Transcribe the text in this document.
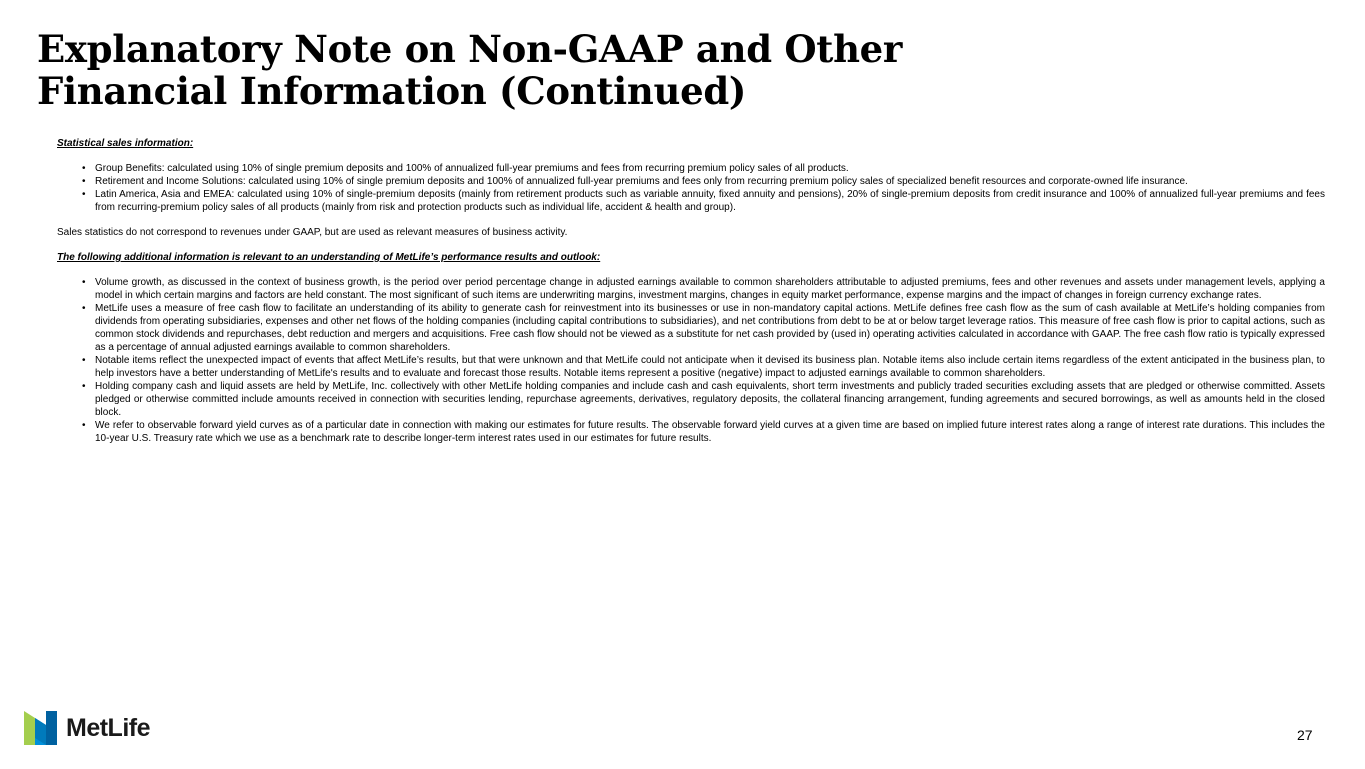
Explanatory Note on Non-GAAP and Other
Financial Information (Continued)
Statistical sales information:
• Group Benefits: calculated using 10% of single premium deposits and 100% of annualized full-year premiums and fees from recurring premium policy sales of all products.
• Retirement and Income Solutions: calculated using 10% of single premium deposits and 100% of annualized full-year premiums and fees only from recurring premium policy sales of specialized benefit resources and corporate-owned life insurance.
• Latin America, Asia and EMEA: calculated using 10% of single-premium deposits (mainly from retirement products such as variable annuity, fixed annuity and pensions), 20% of single-premium deposits from credit insurance and 100% of annualized full-year premiums and fees from recurring-premium policy sales of all products (mainly from risk and protection products such as individual life, accident & health and group).
Sales statistics do not correspond to revenues under GAAP, but are used as relevant measures of business activity.
The following additional information is relevant to an understanding of MetLife’s performance results and outlook:
• Volume growth, as discussed in the context of business growth, is the period over period percentage change in adjusted earnings available to common shareholders attributable to adjusted premiums, fees and other revenues and assets under management levels, applying a model in which certain margins and factors are held constant. The most significant of such items are underwriting margins, investment margins, changes in equity market performance, expense margins and the impact of changes in foreign currency exchange rates.
• MetLife uses a measure of free cash flow to facilitate an understanding of its ability to generate cash for reinvestment into its businesses or use in non-mandatory capital actions. MetLife defines free cash flow as the sum of cash available at MetLife’s holding companies from dividends from operating subsidiaries, expenses and other net flows of the holding companies (including capital contributions to subsidiaries), and net contributions from debt to be at or below target leverage ratios. This measure of free cash flow is prior to capital actions, such as common stock dividends and repurchases, debt reduction and mergers and acquisitions. Free cash flow should not be viewed as a substitute for net cash provided by (used in) operating activities calculated in accordance with GAAP. The free cash flow ratio is typically expressed as a percentage of annual adjusted earnings available to common shareholders.
• Notable items reflect the unexpected impact of events that affect MetLife’s results, but that were unknown and that MetLife could not anticipate when it devised its business plan. Notable items also include certain items regardless of the extent anticipated in the business plan, to help investors have a better understanding of MetLife's results and to evaluate and forecast those results. Notable items represent a positive (negative) impact to adjusted earnings available to common shareholders.
• Holding company cash and liquid assets are held by MetLife, Inc. collectively with other MetLife holding companies and include cash and cash equivalents, short term investments and publicly traded securities excluding assets that are pledged or otherwise committed. Assets pledged or otherwise committed include amounts received in connection with securities lending, repurchase agreements, derivatives, regulatory deposits, the collateral financing arrangement, funding agreements and secured borrowings, as well as amounts held in the closed block.
• We refer to observable forward yield curves as of a particular date in connection with making our estimates for future results. The observable forward yield curves at a given time are based on implied future interest rates along a range of interest rate durations. This includes the 10-year U.S. Treasury rate which we use as a benchmark rate to describe longer-term interest rates used in our estimates for future results.
MetLife	27
